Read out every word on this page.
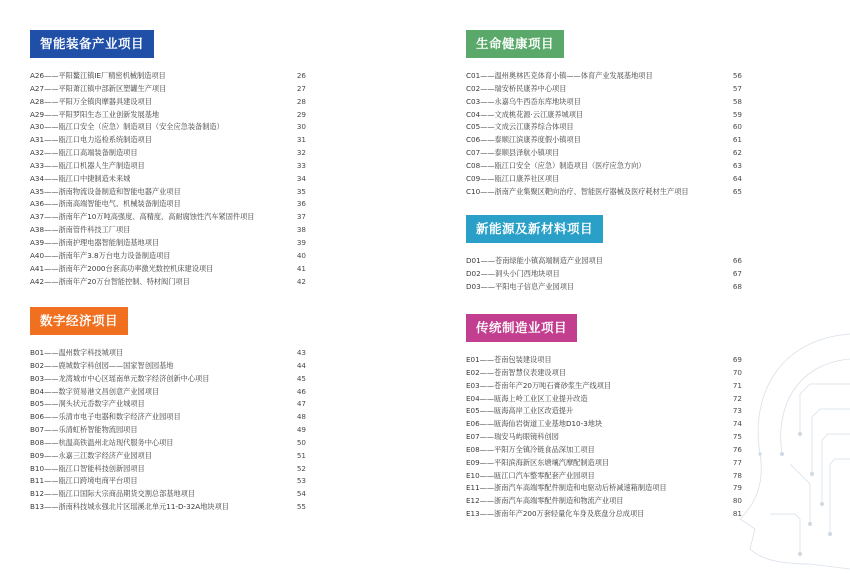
智能装备产业项目
A26——平阳鳌江镇IE厂精密机械制造项目	26
A27——平阳萧江镇中部新区塑罐生产项目	27
A28——平阳万全镇肉摩器具建设项目	28
A29——平阳罗阳生态工业创新发展基地	29
A30——瓯江口安全（应急）制造项目（安全应急装备制造）	30
A31——瓯江口电力巡检系统制造项目	31
A32——瓯江口高端装备制造项目	32
A33——瓯江口机器人生产制造项目	33
A34——瓯江口中捷制造未来城	34
A35——浙南物流设备制造和智能电器产业项目	35
A36——浙南高端智能电气、机械装备制造项目	36
A37——浙南年产10万吨高强度、高精度、高耐腐蚀性汽车紧固件项目	37
A38——浙南管件科技工厂项目	38
A39——浙南护理电器智能制造基地项目	39
A40——浙南年产3.8万台电力设备制造项目	40
A41——浙南年产2000台套高功率激光数控机床建设项目	41
A42——浙南年产20万台智能控制、特材阀门项目	42
数字经济项目
B01——温州数字科技城项目	43
B02——鹿城数字科创园——国家智创园基地	44
B03——龙湾城市中心区瑶南单元数字经济创新中心项目	45
B04——数字贸易港文昌创意产业园项目	46
B05——洞头状元岙数字产业城项目	47
B06——乐清市电子电器和数字经济产业园项目	48
B07——乐清虹桥智能物流园项目	49
B08——杭温高铁温州北站现代服务中心项目	50
B09——永嘉三江数字经济产业园项目	51
B10——瓯江口智能科技创新园项目	52
B11——瓯江口跨境电商平台项目	53
B12——瓯江口国际大宗商品期货交割总部基地项目	54
B13——浙南科技城永强北片区瑶溪北单元11-D-32A地块项目	55
生命健康项目
C01——温州奥林匹克体育小镇——体育产业发展基地项目	56
C02——瑞安桥民康养中心项目	57
C03——永嘉乌牛西岙东库地块项目	58
C04——文成桃花源·云江康养城项目	59
C05——文成云江康养综合体项目	60
C06——泰顺江滨康养度假小镇项目	61
C07——泰顺县泽航小镇项目	62
C08——瓯江口安全（应急）制造项目（医疗应急方向）	63
C09——瓯江口康养社区项目	64
C10——浙南产业集聚区靶向治疗、智能医疗器械及医疗耗材生产项目	65
新能源及新材料项目
D01——苍南绿能小镇高端制造产业园项目	66
D02——洞头小门西地块项目	67
D03——平阳电子信息产业园项目	68
传统制造业项目
E01——苍南包装建设项目	69
E02——苍南智慧仪表建设项目	70
E03——苍南年产20万吨石膏砂浆生产线项目	71
E04——瓯海上岭工业区工业提升改造	72
E05——瓯海高岸工业区改造提升	73
E06——瓯海仙岩街道工业基地D10-3地块	74
E07——瑞安马屿眼镜科创园	75
E08——平阳万全镇冷链食品深加工项目	76
E09——平阳滨海新区东塘壤汽摩配制造项目	77
E10——瓯江口汽车整零配套产业园项目	78
E11——浙南汽车高端零配件制造和电驱动后桥减速箱制造项目	79
E12——浙南汽车高端零配件制造和物流产业项目	80
E13——浙南年产200万套轻量化车身及底盘分总成项目	81
